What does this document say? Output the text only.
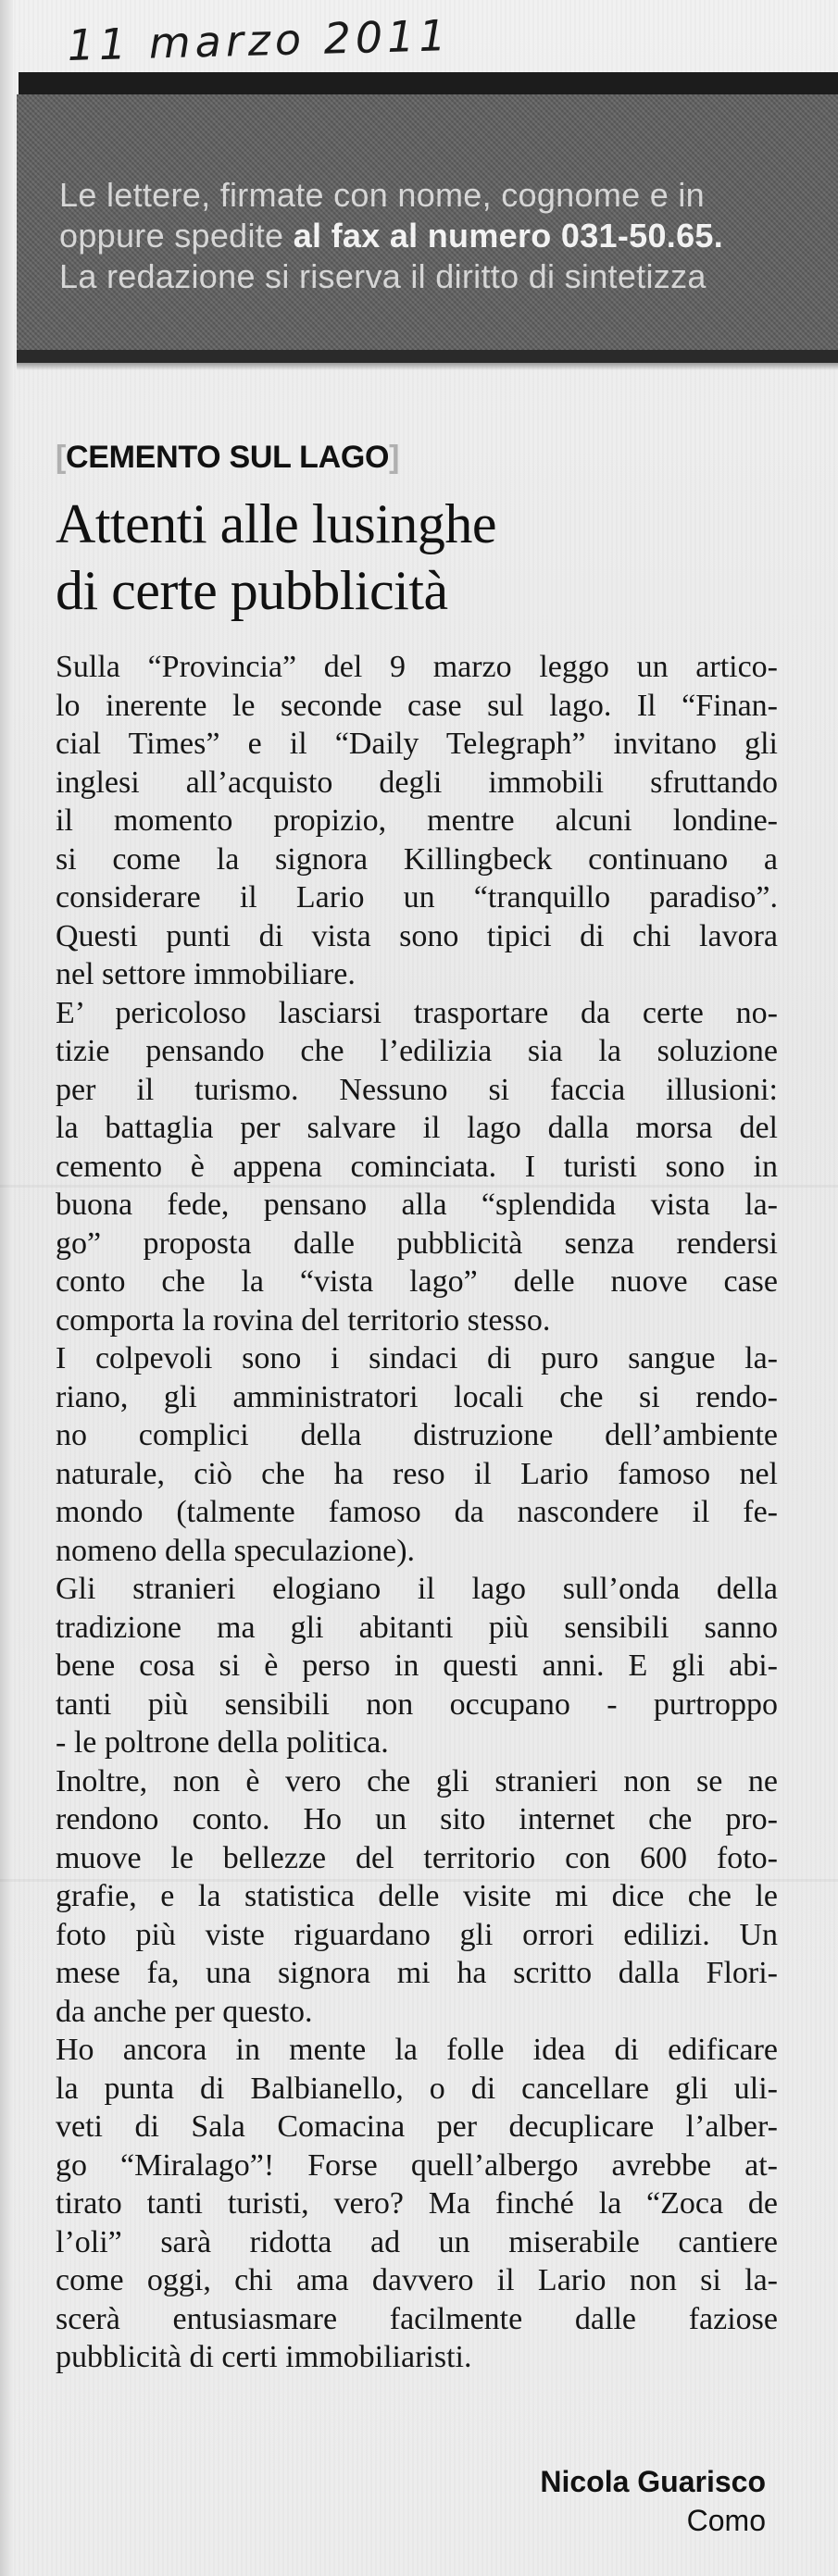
11 marzo 2011
Le lettere, firmate con nome, cognome e in
oppure spedite al fax al numero 031-50.65.
La redazione si riserva il diritto di sintetizza
[CEMENTO SUL LAGO]
Attenti alle lusinghe
di certe pubblicità
Sulla “Provincia” del 9 marzo leggo un artico-
lo inerente le seconde case sul lago. Il “Finan-
cial Times” e il “Daily Telegraph” invitano gli
inglesi all’acquisto degli immobili sfruttando
il momento propizio, mentre alcuni londine-
si come la signora Killingbeck continuano a
considerare il Lario un “tranquillo paradiso”.
Questi punti di vista sono tipici di chi lavora
nel settore immobiliare.
E’ pericoloso lasciarsi trasportare da certe no-
tizie pensando che l’edilizia sia la soluzione
per il turismo. Nessuno si faccia illusioni:
la battaglia per salvare il lago dalla morsa del
cemento è appena cominciata. I turisti sono in
buona fede, pensano alla “splendida vista la-
go” proposta dalle pubblicità senza rendersi
conto che la “vista lago” delle nuove case
comporta la rovina del territorio stesso.
I colpevoli sono i sindaci di puro sangue la-
riano, gli amministratori locali che si rendo-
no complici della distruzione dell’ambiente
naturale, ciò che ha reso il Lario famoso nel
mondo (talmente famoso da nascondere il fe-
nomeno della speculazione).
Gli stranieri elogiano il lago sull’onda della
tradizione ma gli abitanti più sensibili sanno
bene cosa si è perso in questi anni. E gli abi-
tanti più sensibili non occupano - purtroppo
- le poltrone della politica.
Inoltre, non è vero che gli stranieri non se ne
rendono conto. Ho un sito internet che pro-
muove le bellezze del territorio con 600 foto-
grafie, e la statistica delle visite mi dice che le
foto più viste riguardano gli orrori edilizi. Un
mese fa, una signora mi ha scritto dalla Flori-
da anche per questo.
Ho ancora in mente la folle idea di edificare
la punta di Balbianello, o di cancellare gli uli-
veti di Sala Comacina per decuplicare l’alber-
go “Miralago”! Forse quell’albergo avrebbe at-
tirato tanti turisti, vero? Ma finché la “Zoca de
l’oli” sarà ridotta ad un miserabile cantiere
come oggi, chi ama davvero il Lario non si la-
scerà entusiasmare facilmente dalle faziose
pubblicità di certi immobiliaristi.
Nicola Guarisco
Como
